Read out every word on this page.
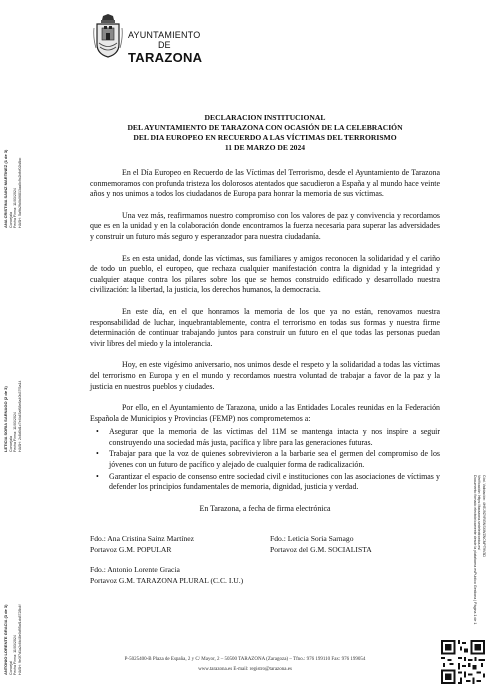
AYUNTAMIENTO
DE
TARAZONA
DECLARACION INSTITUCIONAL
DEL AYUNTAMIENTO DE TARAZONA CON OCASIÓN DE LA CELEBRACIÓN
DEL DIA EUROPEO EN RECUERDO A LAS VÍCTIMAS DEL TERRORISMO
11 DE MARZO DE 2024

En el Día Europeo en Recuerdo de las Víctimas del Terrorismo, desde el Ayuntamiento de Tarazona conmemoramos con profunda tristeza los dolorosos atentados que sacudieron a España y al mundo hace veinte años y nos unimos a todos los ciudadanos de Europa para honrar la memoria de sus víctimas.

Una vez más, reafirmamos nuestro compromiso con los valores de paz y convivencia y recordamos que es en la unidad y en la colaboración donde encontramos la fuerza necesaria para superar las adversidades y construir un futuro más seguro y esperanzador para nuestra ciudadanía.

Es en esta unidad, donde las víctimas, sus familiares y amigos reconocen la solidaridad y el cariño de todo un pueblo, el europeo, que rechaza cualquier manifestación contra la dignidad y la integridad y cualquier ataque contra los pilares sobre los que se hemos construido edificado y desarrollado nuestra civilización: la libertad, la justicia, los derechos humanos, la democracia.

En este día, en el que honramos la memoria de los que ya no están, renovamos nuestra responsabilidad de luchar, inquebrantablemente, contra el terrorismo en todas sus formas y nuestra firme determinación de continuar trabajando juntos para construir un futuro en el que todas las personas puedan vivir libres del miedo y la intolerancia.

Hoy, en este vigésimo aniversario, nos unimos desde el respeto y la solidaridad a todas las víctimas del terrorismo en Europa y en el mundo y recordamos nuestra voluntad de trabajar a favor de la paz y la justicia en nuestros pueblos y ciudades.

Por ello, en el Ayuntamiento de Tarazona, unido a las Entidades Locales reunidas en la Federación Española de Municipios y Provincias (FEMP) nos comprometemos a:

• Asegurar que la memoria de las víctimas del 11M se mantenga intacta y nos inspire a seguir construyendo una sociedad más justa, pacífica y libre para las generaciones futuras.
• Trabajar para que la voz de quienes sobrevivieron a la barbarie sea el germen del compromiso de los jóvenes con un futuro de pacífico y alejado de cualquier forma de radicalización.
• Garantizar el espacio de consenso entre sociedad civil e instituciones con las asociaciones de víctimas y defender los principios fundamentales de memoria, dignidad, justicia y verdad.

En Tarazona, a fecha de firma electrónica

Fdo.: Ana Cristina Sainz Martínez
Portavoz G.M. POPULAR
Fdo.: Leticia Soria Sarnago
Portavoz del G.M. SOCIALISTA
Fdo.: Antonio Lorente Gracia
Portavoz G.M. TARAZONA PLURAL (C.C. I.U.)
P-5025400-B Plaza de España, 2 y C/ Mayor, 2 – 50500 TARAZONA (Zaragoza) – Tfno.: 976 199110 Fax: 976 199054
www.tarazona.es E-mail: registro@tarazona.es
ANA CRISTINA SAINZ MARTINEZ (1 de 3) Concejala Fecha Firma: 11/03/2024 HASH: 5a9b2fb0b06813aa0c9c2bfbf02b8bc
LETICIA SORIA SARNAGO (2 de 3) Concejala Fecha Firma: 11/03/2024 HASH: 2c8d0d1c7e4b45af68e8a40b37f3a14
ANTONIO LORENTE GRACIA (3 de 3) Concejal Fecha Firma: 11/03/2024 HASH: 9e3f7d1a2c6b48e0d95af1cb8728b4f
Cód. Validación: 4HEJ9ZYRGNSXWZNCNPT9V3D
Verificación: https://tarazona.sedelectronica.es/
Documento firmado electrónicamente desde la plataforma esPublico Gestiona | Página 1 de 1
